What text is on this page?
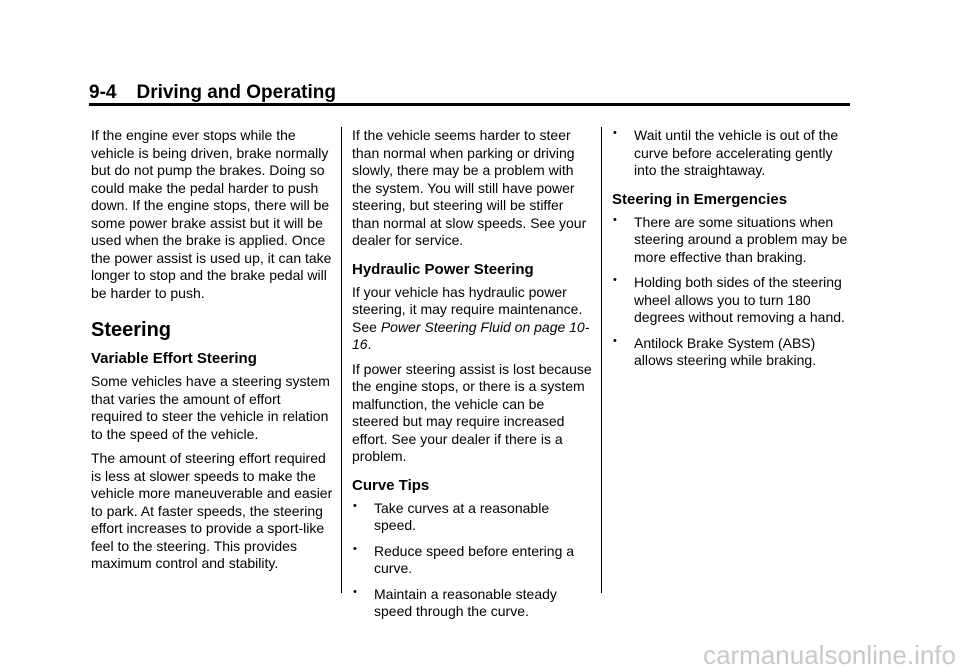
9-4 Driving and Operating

If the engine ever stops while the vehicle is being driven, brake normally but do not pump the brakes. Doing so could make the pedal harder to push down. If the engine stops, there will be some power brake assist but it will be used when the brake is applied. Once the power assist is used up, it can take longer to stop and the brake pedal will be harder to push.

Steering
Variable Effort Steering

Some vehicles have a steering system that varies the amount of effort required to steer the vehicle in relation to the speed of the vehicle.

The amount of steering effort required is less at slower speeds to make the vehicle more maneuverable and easier to park. At faster speeds, the steering effort increases to provide a sport-like feel to the steering. This provides maximum control and stability.

If the vehicle seems harder to steer than normal when parking or driving slowly, there may be a problem with the system. You will still have power steering, but steering will be stiffer than normal at slow speeds. See your dealer for service.

Hydraulic Power Steering

If your vehicle has hydraulic power steering, it may require maintenance. See Power Steering Fluid on page 10-16.

If power steering assist is lost because the engine stops, or there is a system malfunction, the vehicle can be steered but may require increased effort. See your dealer if there is a problem.

Curve Tips
• Take curves at a reasonable speed.
• Reduce speed before entering a curve.
• Maintain a reasonable steady speed through the curve.
• Wait until the vehicle is out of the curve before accelerating gently into the straightaway.
Steering in Emergencies
• There are some situations when steering around a problem may be more effective than braking.
• Holding both sides of the steering wheel allows you to turn 180 degrees without removing a hand.
• Antilock Brake System (ABS) allows steering while braking.
carmanualsonline.info
